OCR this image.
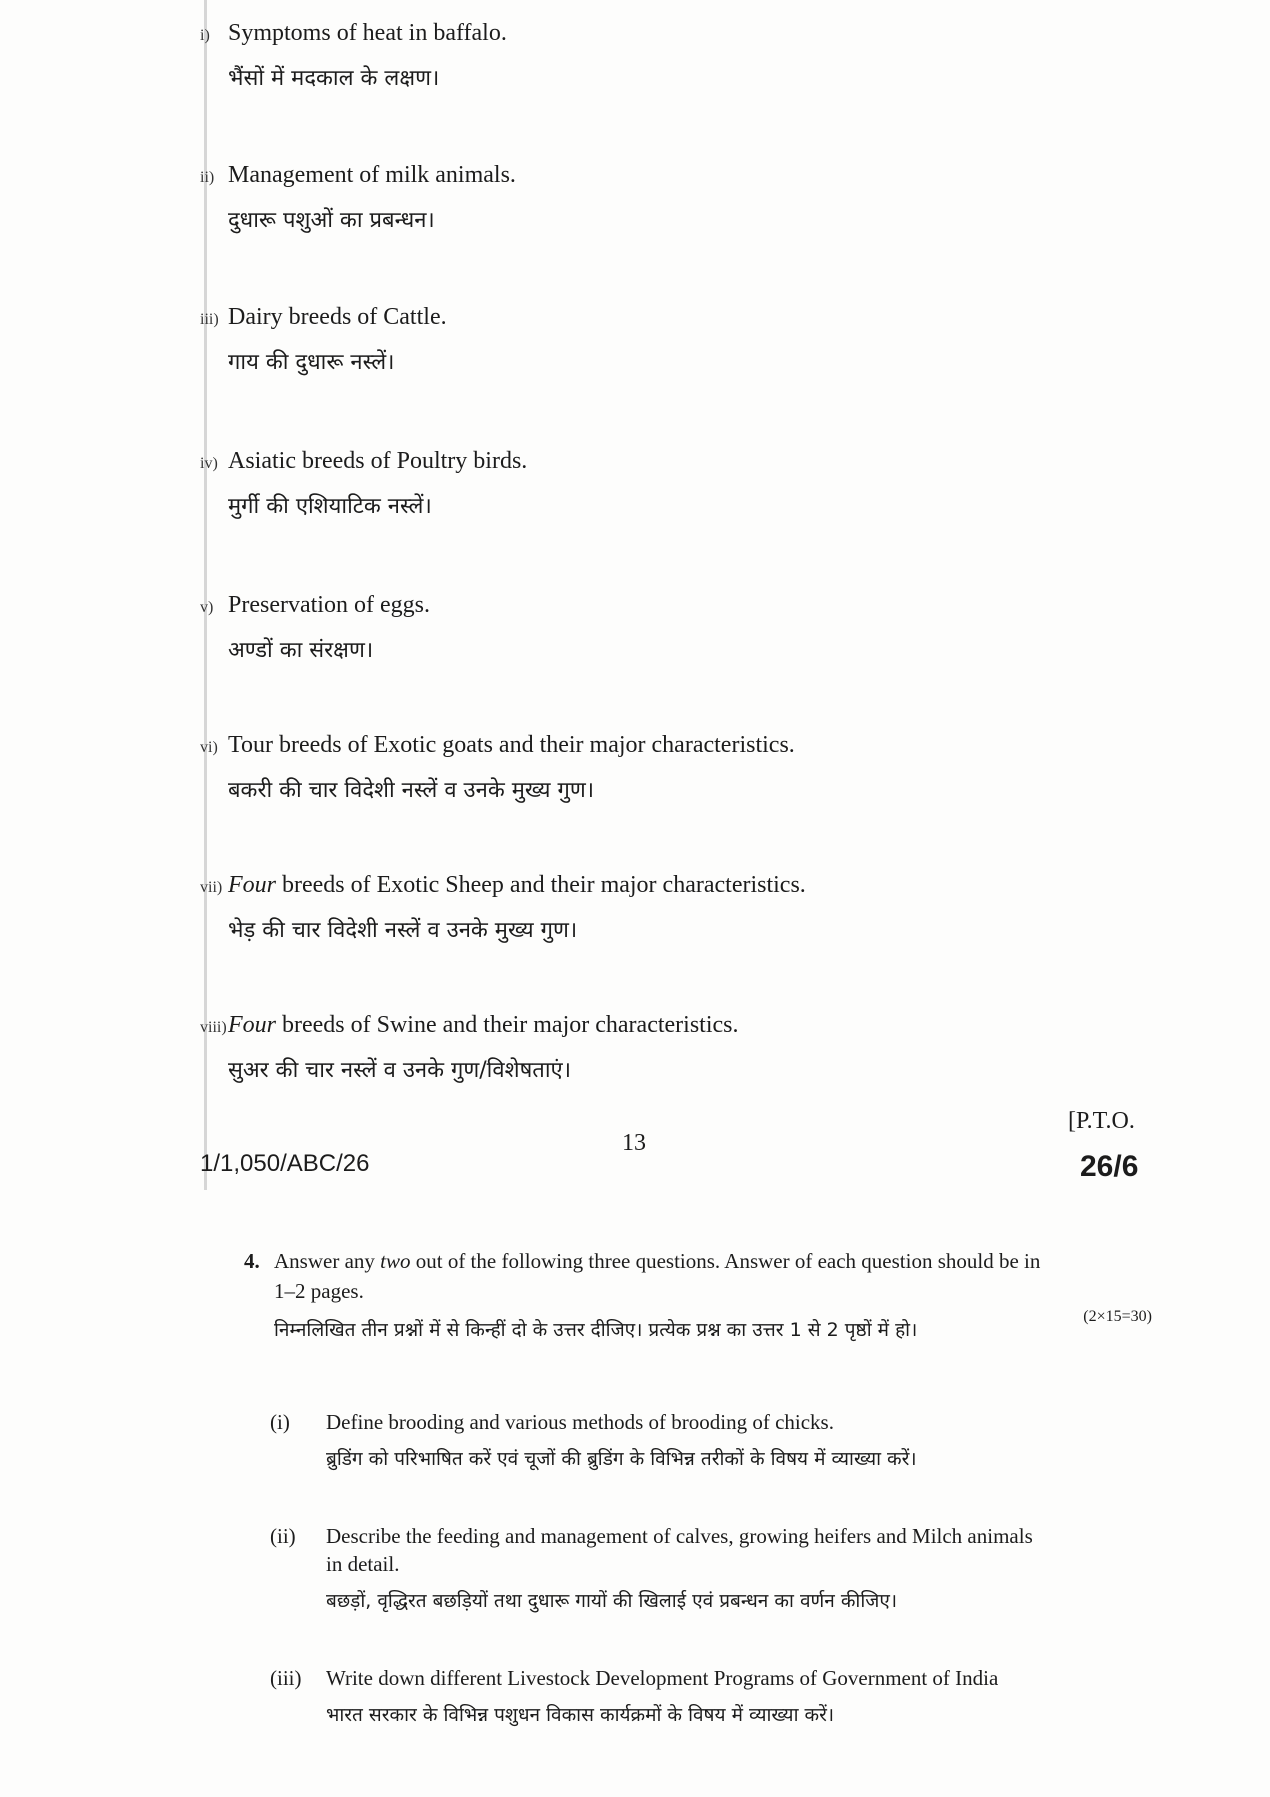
i) Symptoms of heat in baffalo.
भैंसों में मदकाल के लक्षण।
ii) Management of milk animals.
दुधारू पशुओं का प्रबन्धन।
iii) Dairy breeds of Cattle.
गाय की दुधारू नस्लें।
iv) Asiatic breeds of Poultry birds.
मुर्गी की एशियाटिक नस्लें।
v) Preservation of eggs.
अण्डों का संरक्षण।
vi) Tour breeds of Exotic goats and their major characteristics.
बकरी की चार विदेशी नस्लें व उनके मुख्य गुण।
vii) Four breeds of Exotic Sheep and their major characteristics.
भेड़ की चार विदेशी नस्लें व उनके मुख्य गुण।
viii)Four breeds of Swine and their major characteristics.
सुअर की चार नस्लें व उनके गुण/विशेषताएं।
[P.T.O.
13
1/1,050/ABC/26	26/6
4. Answer any two out of the following three questions. Answer of each question should be in
1–2 pages.
(2×15=30)
निम्नलिखित तीन प्रश्नों में से किन्हीं दो के उत्तर दीजिए। प्रत्येक प्रश्न का उत्तर 1 से 2 पृष्ठों में हो।
(i) Define brooding and various methods of brooding of chicks.
ब्रुडिंग को परिभाषित करें एवं चूजों की ब्रुडिंग के विभिन्न तरीकों के विषय में व्याख्या करें।
(ii) Describe the feeding and management of calves, growing heifers and Milch animals
in detail.
बछड़ों, वृद्धिरत बछड़ियों तथा दुधारू गायों की खिलाई एवं प्रबन्धन का वर्णन कीजिए।
(iii) Write down different Livestock Development Programs of Government of India
भारत सरकार के विभिन्न पशुधन विकास कार्यक्रमों के विषय में व्याख्या करें।
